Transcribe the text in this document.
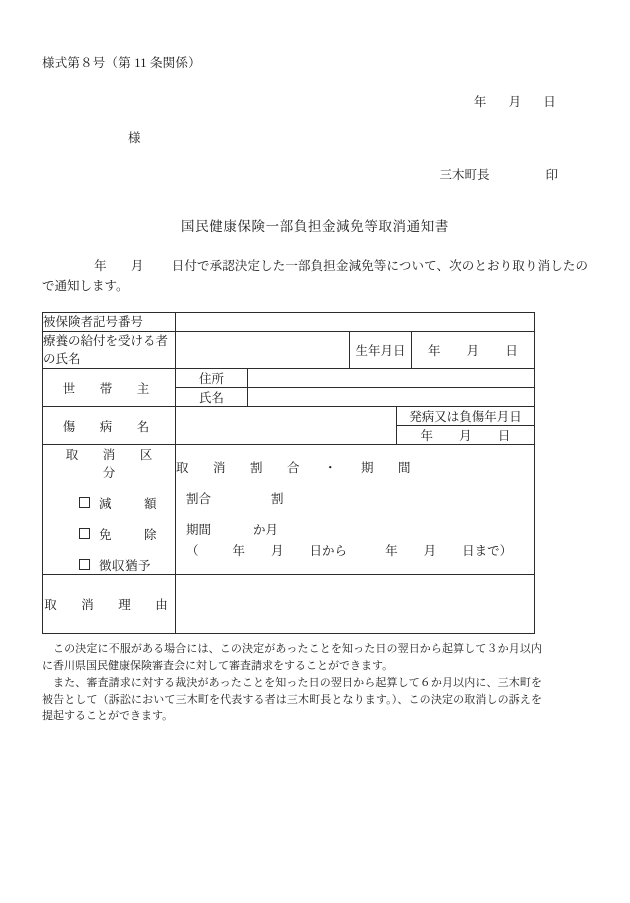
様式第８号（第 11 条関係）
年 月 日
様
三木町長	印
国民健康保険一部負担金減免等取消通知書
年 月 日付で承認決定した一部負担金減免等について、次のとおり取り消したので通知します。
被保険者記号番号					
療養の給付を受ける者の氏名			生年月日		年 月 日
世　帯　主	住所				
	氏名				
傷　病　名				発病又は負傷年月日	
				年 月 日	

取　消　区　分
減　額
免　除
徴収猶予

取　消　割　合　・　期　間
割合	割
期間	か月
（	年 月 日から	年 月 日まで）

取　消　理　由					

この決定に不服がある場合には、この決定があったことを知った日の翌日から起算して３か月以内に香川県国民健康保険審査会に対して審査請求をすることができます。

また、審査請求に対する裁決があったことを知った日の翌日から起算して６か月以内に、三木町を被告として（訴訟において三木町を代表する者は三木町長となります。）、この決定の取消しの訴えを提起することができます。
